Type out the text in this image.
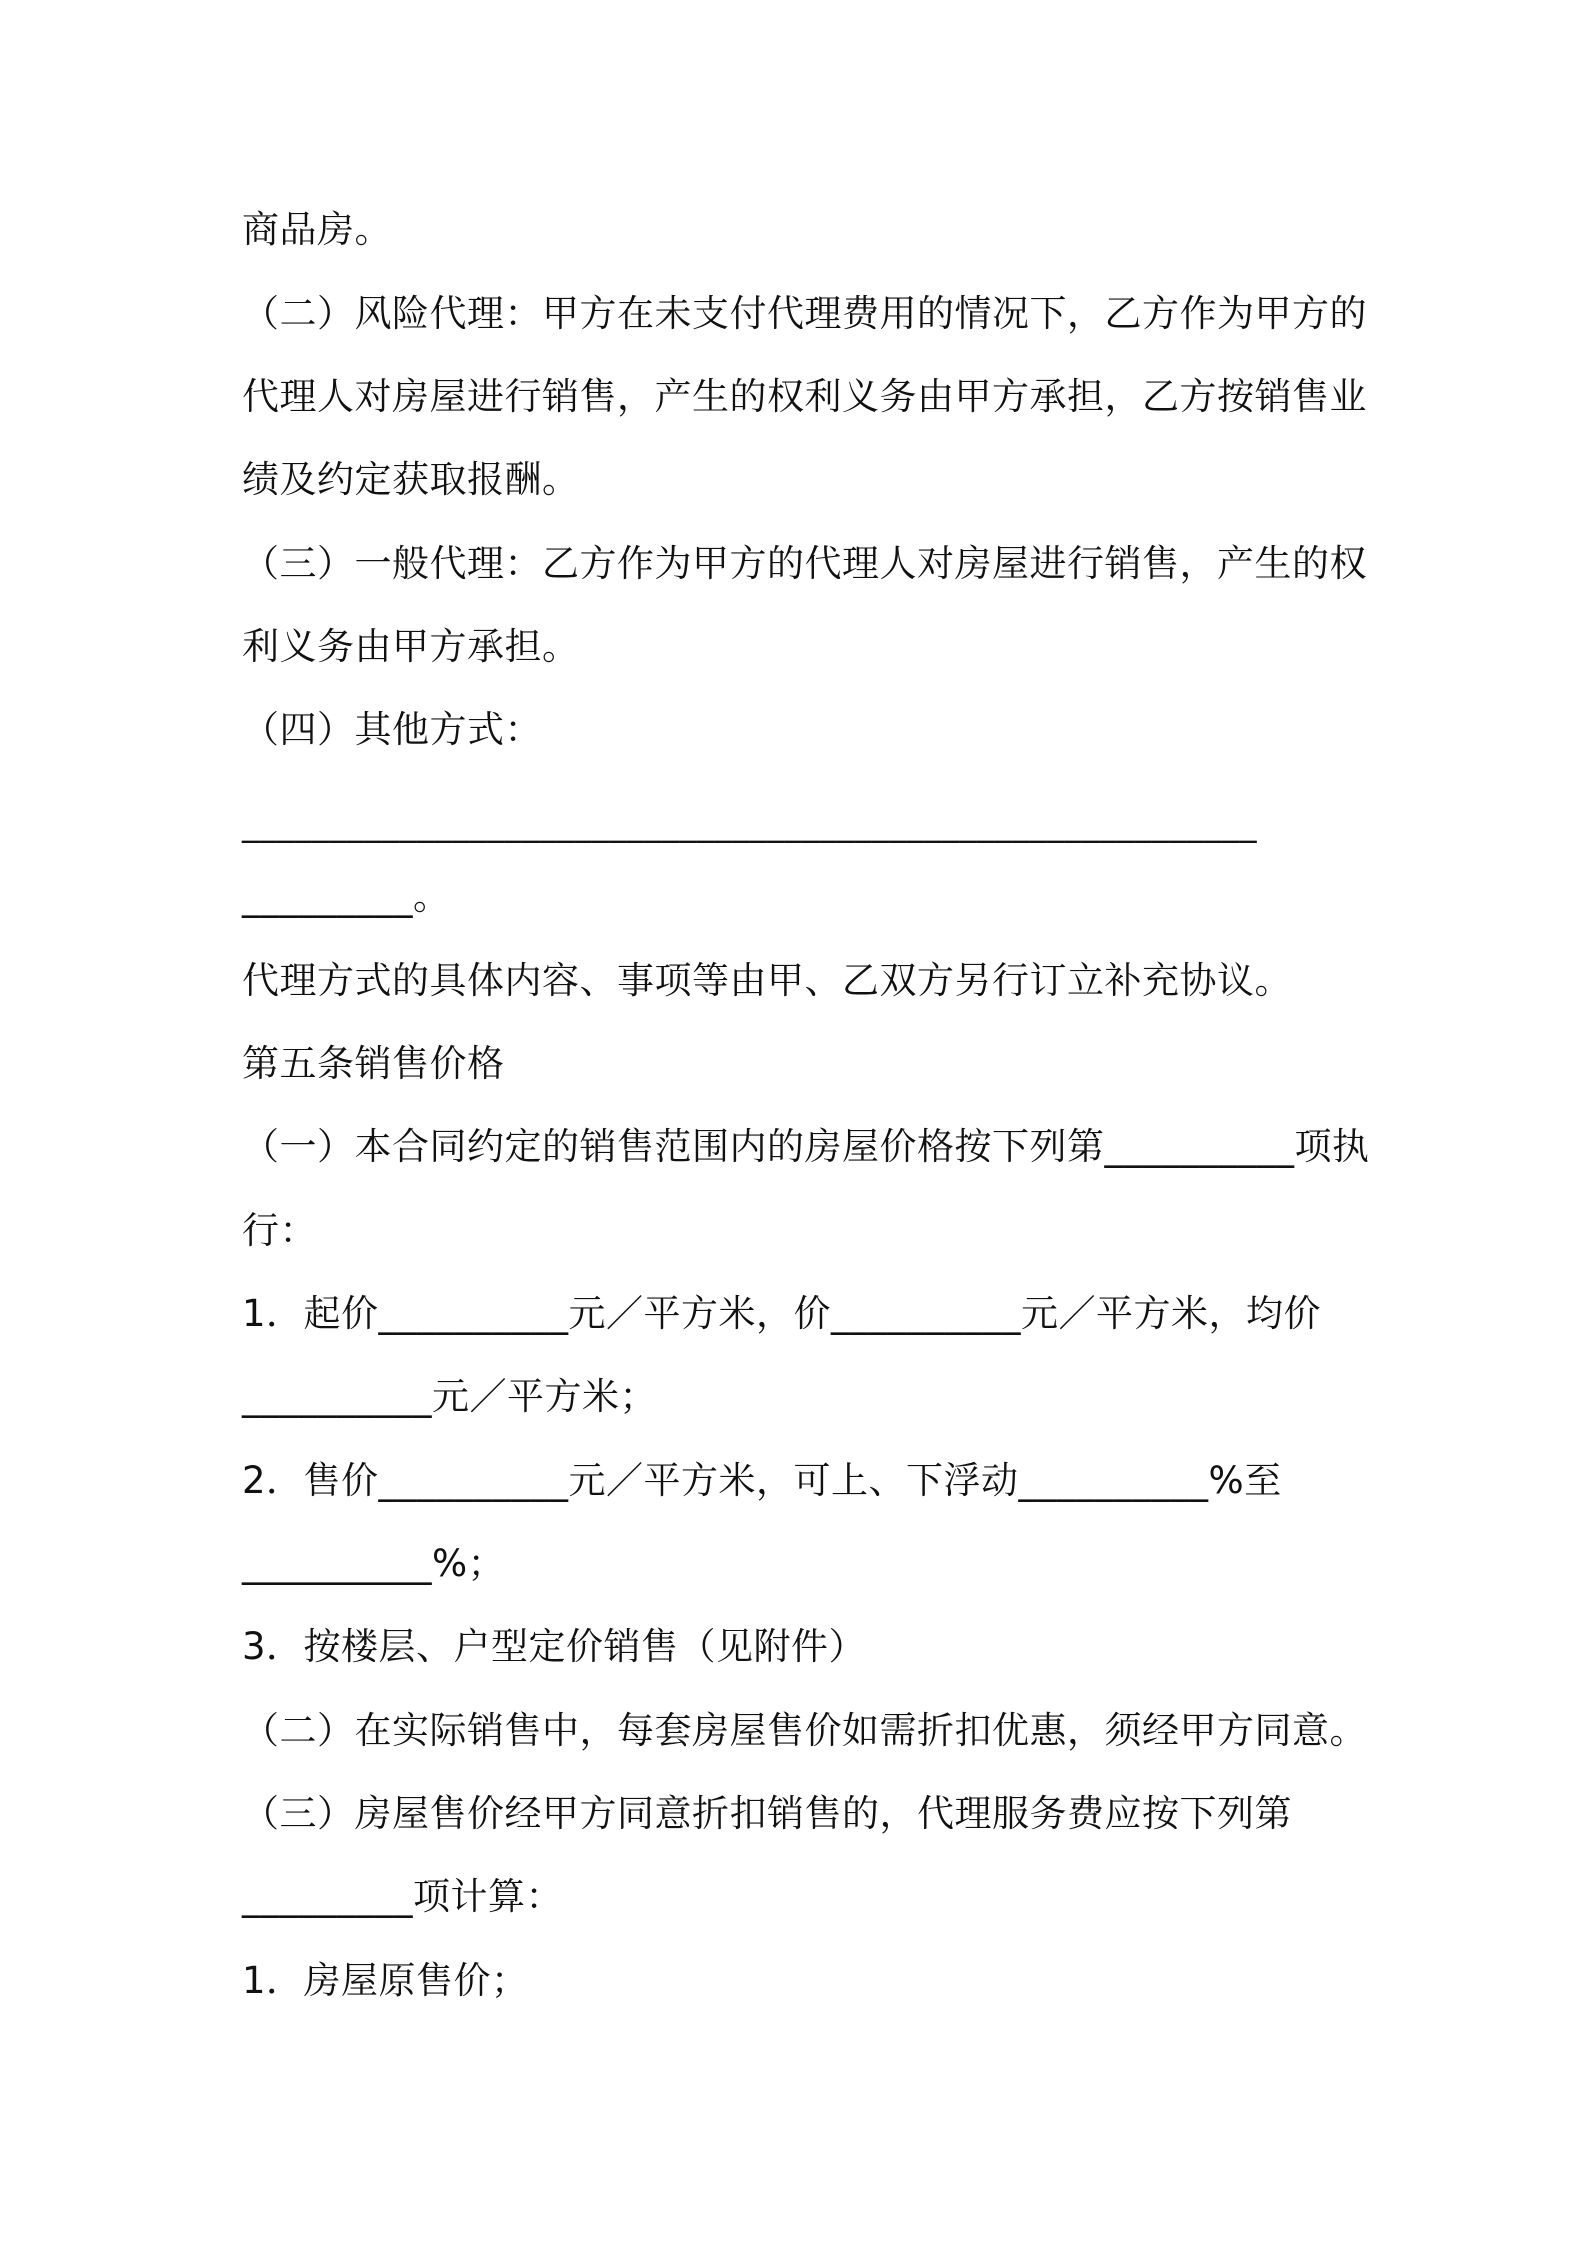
商品房。
（二）风险代理：甲方在未支付代理费用的情况下，乙方作为甲方的
代理人对房屋进行销售，产生的权利义务由甲方承担，乙方按销售业
绩及约定获取报酬。
（三）一般代理：乙方作为甲方的代理人对房屋进行销售，产生的权
利义务由甲方承担。
（四）其他方式：
__________________________________________________________
_________。
代理方式的具体内容、事项等由甲、乙双方另行订立补充协议。
第五条销售价格
（一）本合同约定的销售范围内的房屋价格按下列第__________项执
行：
1．起价__________元／平方米，价__________元／平方米，均价
__________元／平方米；
2．售价__________元／平方米，可上、下浮动__________%至
__________%；
3．按楼层、户型定价销售（见附件）
（二）在实际销售中，每套房屋售价如需折扣优惠，须经甲方同意。
（三）房屋售价经甲方同意折扣销售的，代理服务费应按下列第
_________项计算：
1．房屋原售价；
